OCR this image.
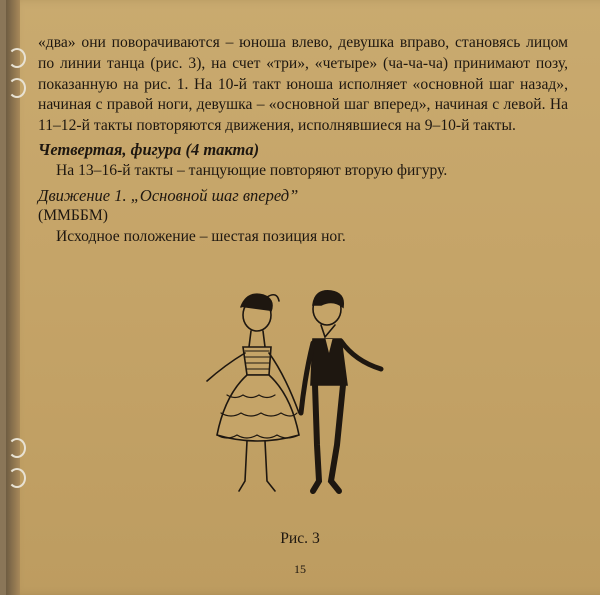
«два» они поворачиваются – юноша влево, девушка вправо, становясь лицом по линии танца (рис. 3), на счет «три», «четыре» (ча-ча-ча) принимают позу, показанную на рис. 1. На 10-й такт юноша исполняет «основной шаг назад», начиная с правой ноги, девушка – «основной шаг вперед», начиная с левой. На 11–12-й такты повторяются движения, исполнявшиеся на 9–10-й такты.

Четвертая, фигура (4 такта)

На 13–16-й такты – танцующие повторяют вторую фигуру.

Движение 1. „Основной шаг вперед”

(ММББМ)

Исходное положение – шестая позиция ног.

Рис. 3
15
